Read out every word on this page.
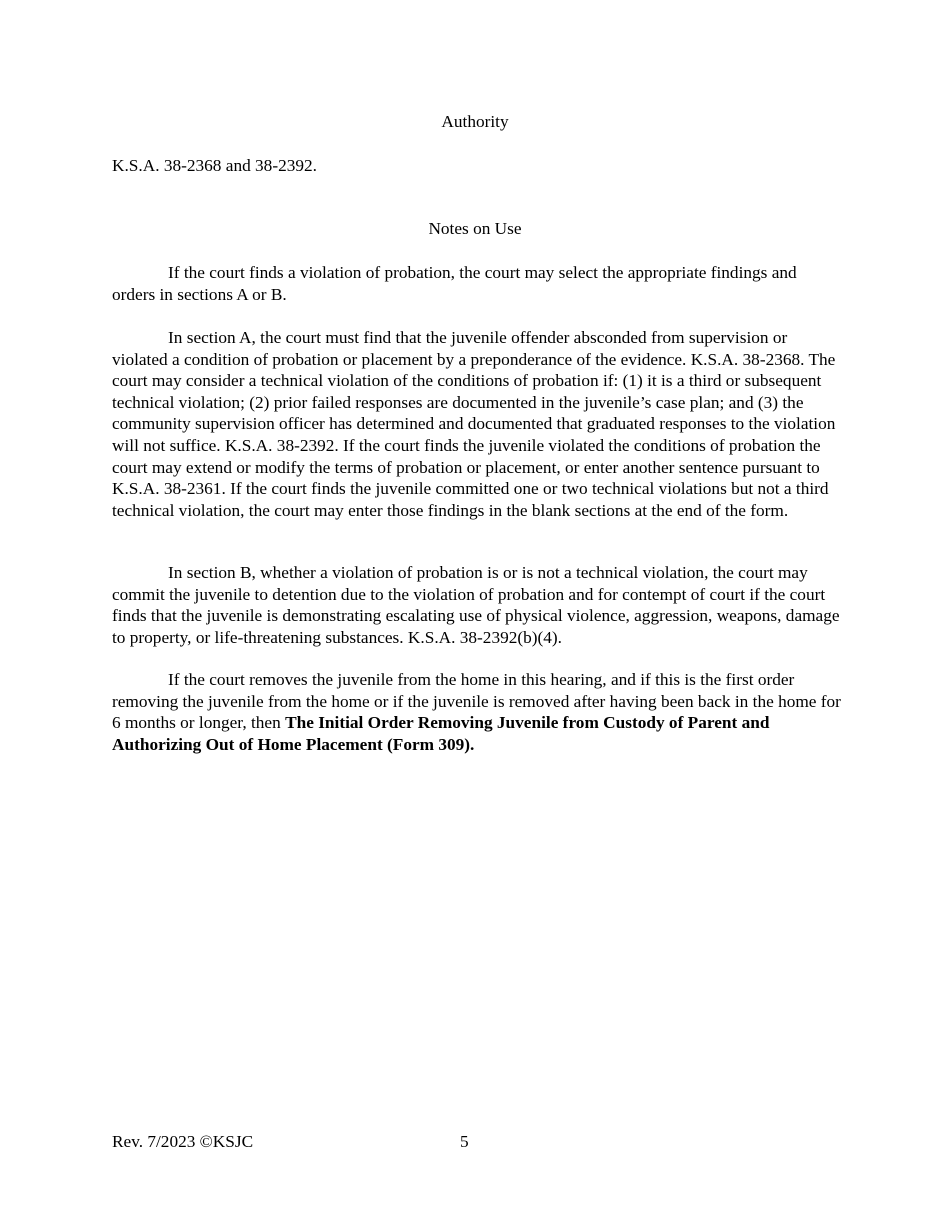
Authority
K.S.A. 38-2368 and 38-2392.
Notes on Use

If the court finds a violation of probation, the court may select the appropriate findings and orders in sections A or B.

In section A, the court must find that the juvenile offender absconded from supervision or violated a condition of probation or placement by a preponderance of the evidence. K.S.A. 38-2368. The court may consider a technical violation of the conditions of probation if: (1) it is a third or subsequent technical violation; (2) prior failed responses are documented in the juvenile’s case plan; and (3) the community supervision officer has determined and documented that graduated responses to the violation will not suffice. K.S.A. 38-2392. If the court finds the juvenile violated the conditions of probation the court may extend or modify the terms of probation or placement, or enter another sentence pursuant to K.S.A. 38-2361. If the court finds the juvenile committed one or two technical violations but not a third technical violation, the court may enter those findings in the blank sections at the end of the form.

In section B, whether a violation of probation is or is not a technical violation, the court may commit the juvenile to detention due to the violation of probation and for contempt of court if the court finds that the juvenile is demonstrating escalating use of physical violence, aggression, weapons, damage to property, or life-threatening substances. K.S.A. 38-2392(b)(4).

If the court removes the juvenile from the home in this hearing, and if this is the first order removing the juvenile from the home or if the juvenile is removed after having been back in the home for 6 months or longer, then The Initial Order Removing Juvenile from Custody of Parent and Authorizing Out of Home Placement (Form 309).

Rev. 7/2023 ©KSJC	5
